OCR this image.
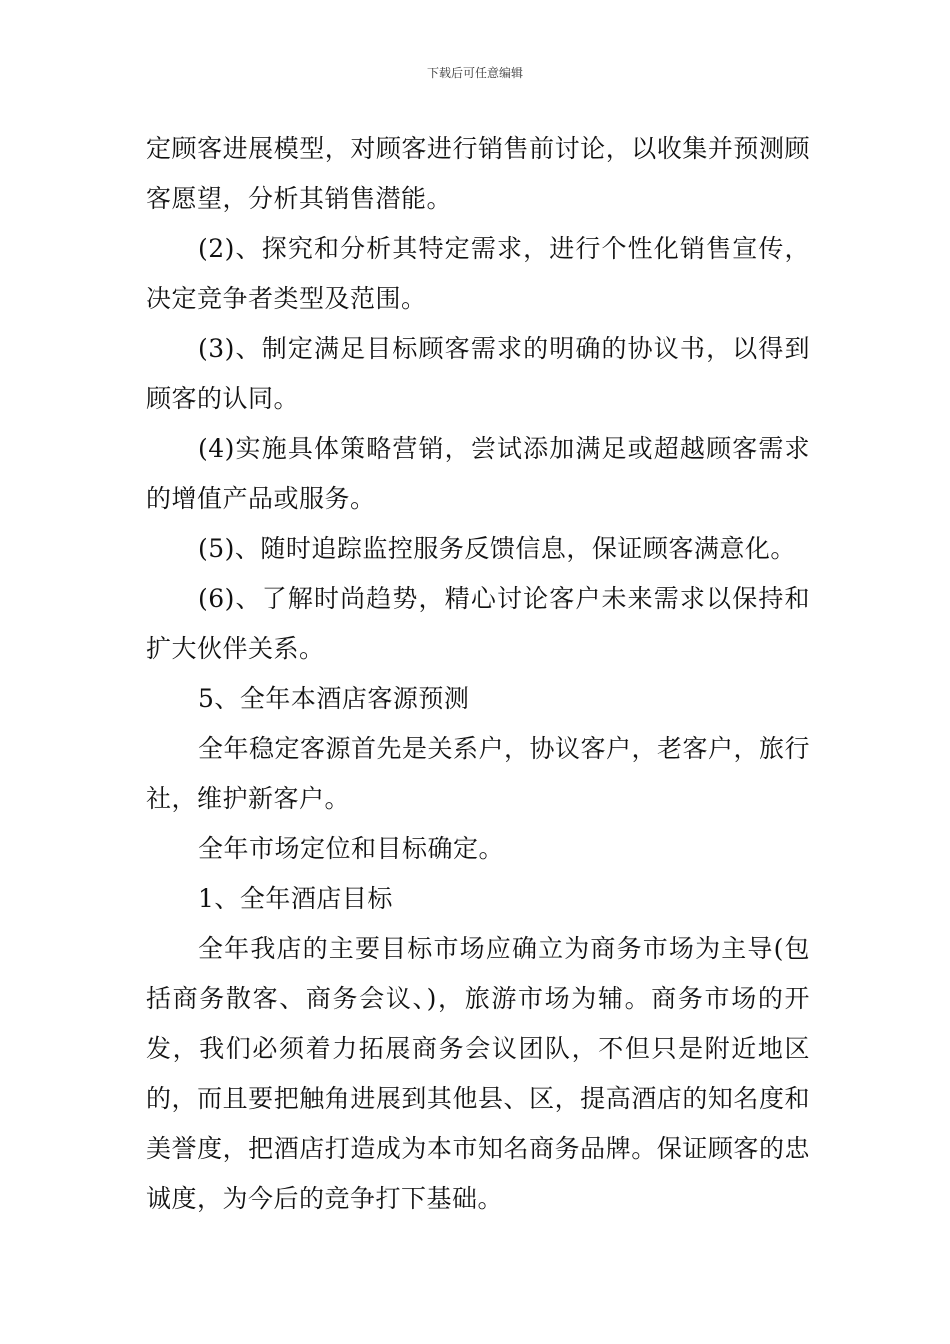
下载后可任意编辑

定顾客进展模型，对顾客进行销售前讨论，以收集并预测顾客愿望，分析其销售潜能。

(2)、探究和分析其特定需求，进行个性化销售宣传，决定竞争者类型及范围。

(3)、制定满足目标顾客需求的明确的协议书，以得到顾客的认同。

(4)实施具体策略营销，尝试添加满足或超越顾客需求的增值产品或服务。

(5)、随时追踪监控服务反馈信息，保证顾客满意化。

(6)、了解时尚趋势，精心讨论客户未来需求以保持和扩大伙伴关系。

5、全年本酒店客源预测

全年稳定客源首先是关系户，协议客户，老客户，旅行社，维护新客户。

全年市场定位和目标确定。

1、全年酒店目标

全年我店的主要目标市场应确立为商务市场为主导(包括商务散客、商务会议、)，旅游市场为辅。商务市场的开发，我们必须着力拓展商务会议团队，不但只是附近地区的，而且要把触角进展到其他县、区，提高酒店的知名度和美誉度，把酒店打造成为本市知名商务品牌。保证顾客的忠诚度，为今后的竞争打下基础。
